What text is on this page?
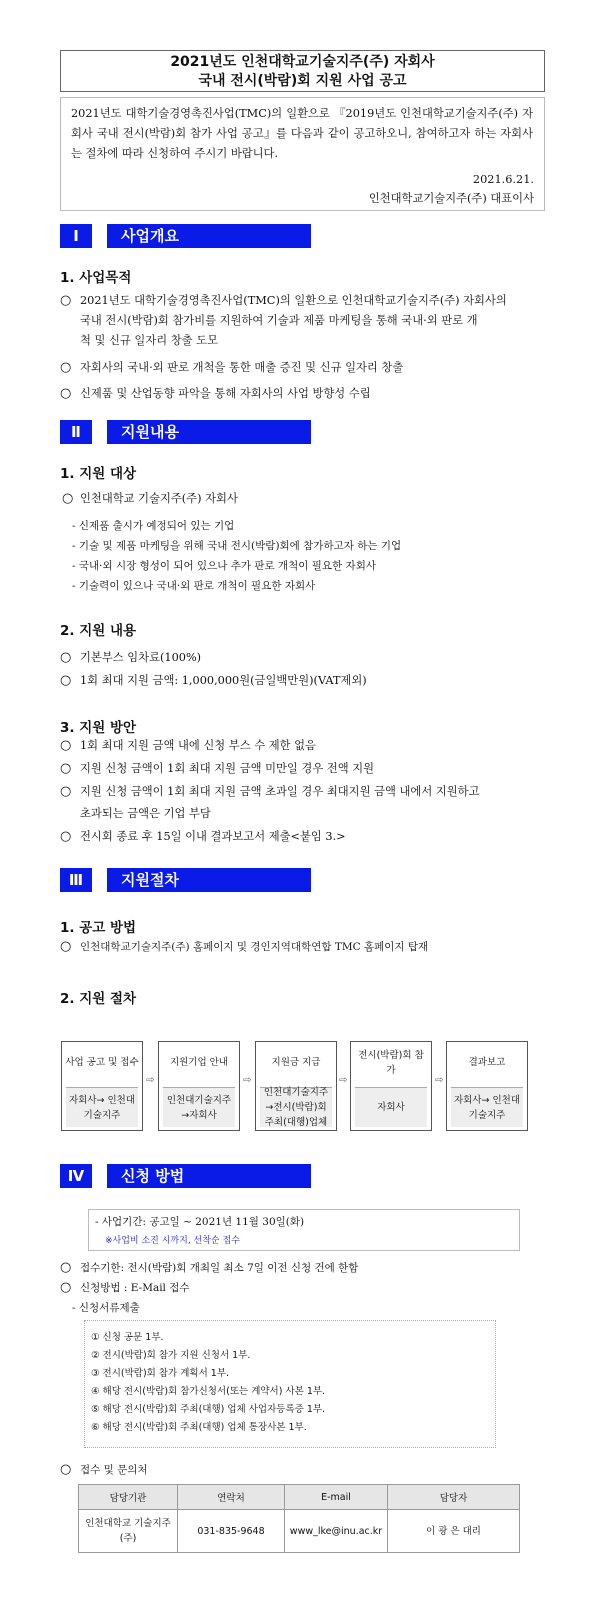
2021년도 인천대학교기술지주(주) 자회사
국내 전시(박람)회 지원 사업 공고
2021년도 대학기술경영촉진사업(TMC)의 일환으로 『2019년도 인천대학교기술지주(주) 자회사 국내 전시(박람)회 참가 사업 공고』를 다음과 같이 공고하오니, 참여하고자 하는 자회사는 절차에 따라 신청하여 주시기 바랍니다.
2021.6.21.
인천대학교기술지주(주) 대표이사
Ⅰ	사업개요
1. 사업목적
○ 2021년도 대학기술경영촉진사업(TMC)의 일환으로 인천대학교기술지주(주) 자회사의
국내 전시(박람)회 참가비를 지원하여 기술과 제품 마케팅을 통해 국내·외 판로 개
척 및 신규 일자리 창출 도모
○ 자회사의 국내·외 판로 개척을 통한 매출 증진 및 신규 일자리 창출
○ 신제품 및 산업동향 파악을 통해 자회사의 사업 방향성 수립
Ⅱ	지원내용
1. 지원 대상
○ 인천대학교 기술지주(주) 자회사
- 신제품 출시가 예정되어 있는 기업
- 기술 및 제품 마케팅을 위해 국내 전시(박람)회에 참가하고자 하는 기업
- 국내·외 시장 형성이 되어 있으나 추가 판로 개척이 필요한 자회사
- 기술력이 있으나 국내·외 판로 개척이 필요한 자회사
2. 지원 내용
○ 기본부스 임차료(100%)
○ 1회 최대 지원 금액: 1,000,000원(금일백만원)(VAT제외)
3. 지원 방안
○ 1회 최대 지원 금액 내에 신청 부스 수 제한 없음
○ 지원 신청 금액이 1회 최대 지원 금액 미만일 경우 전액 지원
○ 지원 신청 금액이 1회 최대 지원 금액 초과일 경우 최대지원 금액 내에서 지원하고
초과되는 금액은 기업 부담
○ 전시회 종료 후 15일 이내 결과보고서 제출<붙임 3.>
Ⅲ	지원절차
1. 공고 방법
○ 인천대학교기술지주(주) 홈페이지 및 경인지역대학연합 TMC 홈페이지 탑재
2. 지원 절차
사업 공고 및 접수
자회사→ 인천대기술지주
⇨
지원기업 안내
인천대기술지주 →자회사
⇨
지원금 지급
인천대기술지주 →전시(박람)회 주최(대행)업체
⇨
전시(박람)회 참가
자회사
⇨
결과보고
자회사→ 인천대기술지주
Ⅳ	신청 방법
- 사업기간: 공고일 ~ 2021년 11월 30일(화)
※사업비 소진 시까지, 선착순 접수
○ 접수기한: 전시(박람)회 개최일 최소 7일 이전 신청 건에 한함
○ 신청방법 : E-Mail 접수
- 신청서류제출
① 신청 공문 1부.
② 전시(박람)회 참가 지원 신청서 1부.
③ 전시(박람)회 참가 계획서 1부.
④ 해당 전시(박람)회 참가신청서(또는 계약서) 사본 1부.
⑤ 해당 전시(박람)회 주최(대행) 업체 사업자등록증 1부.
⑥ 해당 전시(박람)회 주최(대행) 업체 통장사본 1부.
○ 접수 및 문의처
담당기관	연락처	E-mail	담당자
인천대학교 기술지주(주)	031-835-9648	www_lke@inu.ac.kr	이 광 은 대리
